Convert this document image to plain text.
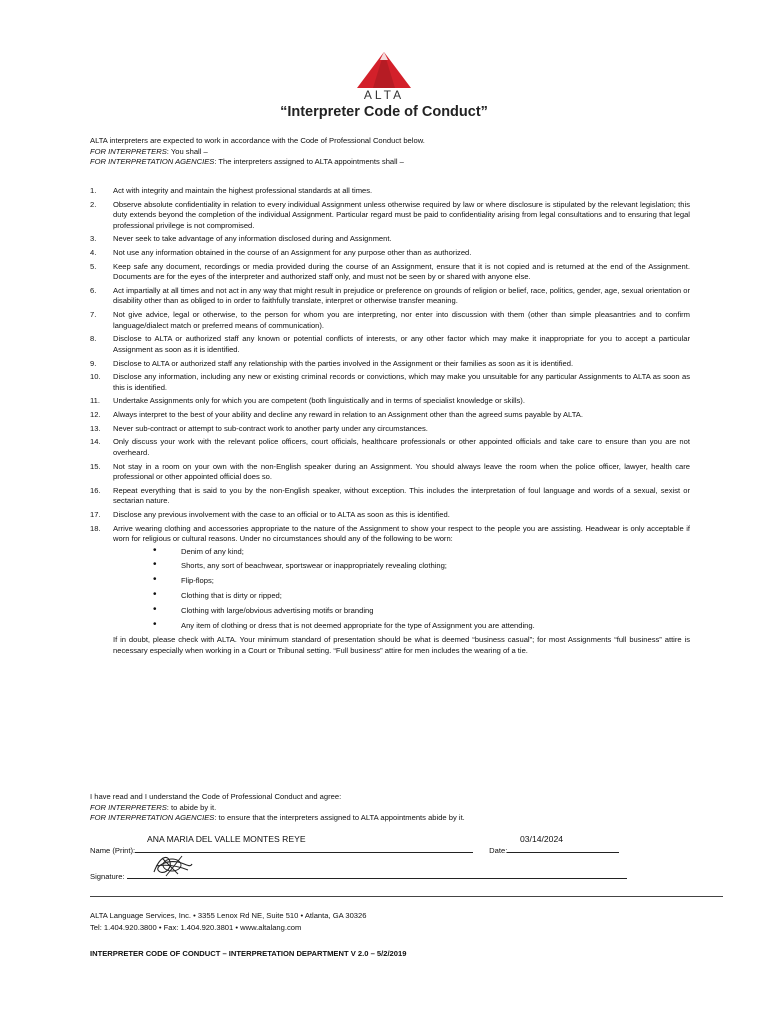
ALTA
“Interpreter Code of Conduct”
ALTA interpreters are expected to work in accordance with the Code of Professional Conduct below.
FOR INTERPRETERS: You shall –
FOR INTERPRETATION AGENCIES: The interpreters assigned to ALTA appointments shall –
1.	Act with integrity and maintain the highest professional standards at all times.
2.	Observe absolute confidentiality in relation to every individual Assignment unless otherwise required by law or where disclosure is stipulated by the relevant legislation; this duty extends beyond the completion of the individual Assignment. Particular regard must be paid to confidentiality arising from legal consultations and to ensuring that legal professional privilege is not compromised.
3.	Never seek to take advantage of any information disclosed during and Assignment.
4.	Not use any information obtained in the course of an Assignment for any purpose other than as authorized.
5.	Keep safe any document, recordings or media provided during the course of an Assignment, ensure that it is not copied and is returned at the end of the Assignment. Documents are for the eyes of the interpreter and authorized staff only, and must not be seen by or shared with anyone else.
6.	Act impartially at all times and not act in any way that might result in prejudice or preference on grounds of religion or belief, race, politics, gender, age, sexual orientation or disability other than as obliged to in order to faithfully translate, interpret or otherwise transfer meaning.
7.	Not give advice, legal or otherwise, to the person for whom you are interpreting, nor enter into discussion with them (other than simple pleasantries and to confirm language/dialect match or preferred means of communication).
8.	Disclose to ALTA or authorized staff any known or potential conflicts of interests, or any other factor which may make it inappropriate for you to accept a particular Assignment as soon as it is identified.
9.	Disclose to ALTA or authorized staff any relationship with the parties involved in the Assignment or their families as soon as it is identified.
10.	Disclose any information, including any new or existing criminal records or convictions, which may make you unsuitable for any particular Assignments to ALTA as soon as this is identified.
11.	Undertake Assignments only for which you are competent (both linguistically and in terms of specialist knowledge or skills).
12.	Always interpret to the best of your ability and decline any reward in relation to an Assignment other than the agreed sums payable by ALTA.
13.	Never sub-contract or attempt to sub-contract work to another party under any circumstances.
14.	Only discuss your work with the relevant police officers, court officials, healthcare professionals or other appointed officials and take care to ensure than you are not overheard.
15.	Not stay in a room on your own with the non-English speaker during an Assignment. You should always leave the room when the police officer, lawyer, health care professional or other appointed official does so.
16.	Repeat everything that is said to you by the non-English speaker, without exception. This includes the interpretation of foul language and words of a sexual, sexist or sectarian nature.
17.	Disclose any previous involvement with the case to an official or to ALTA as soon as this is identified.
18.	Arrive wearing clothing and accessories appropriate to the nature of the Assignment to show your respect to the people you are assisting. Headwear is only acceptable if worn for religious or cultural reasons. Under no circumstances should any of the following to be worn:
• Denim of any kind;
• Shorts, any sort of beachwear, sportswear or inappropriately revealing clothing;
• Flip-flops;
• Clothing that is dirty or ripped;
• Clothing with large/obvious advertising motifs or branding
• Any item of clothing or dress that is not deemed appropriate for the type of Assignment you are attending.
If in doubt, please check with ALTA. Your minimum standard of presentation should be what is deemed “business casual”; for most Assignments “full business” attire is necessary especially when working in a Court or Tribunal setting. “Full business” attire for men includes the wearing of a tie.
I have read and I understand the Code of Professional Conduct and agree:
FOR INTERPRETERS: to abide by it.
FOR INTERPRETATION AGENCIES: to ensure that the interpreters assigned to ALTA appointments abide by it.
ANA MARIA DEL VALLE MONTES REYE	03/14/2024
Name (Print):	Date:
Signature:
ALTA Language Services, Inc. • 3355 Lenox Rd NE, Suite 510 • Atlanta, GA 30326
Tel: 1.404.920.3800 • Fax: 1.404.920.3801 • www.altalang.com
INTERPRETER CODE OF CONDUCT – INTERPRETATION DEPARTMENT V 2.0 – 5/2/2019
